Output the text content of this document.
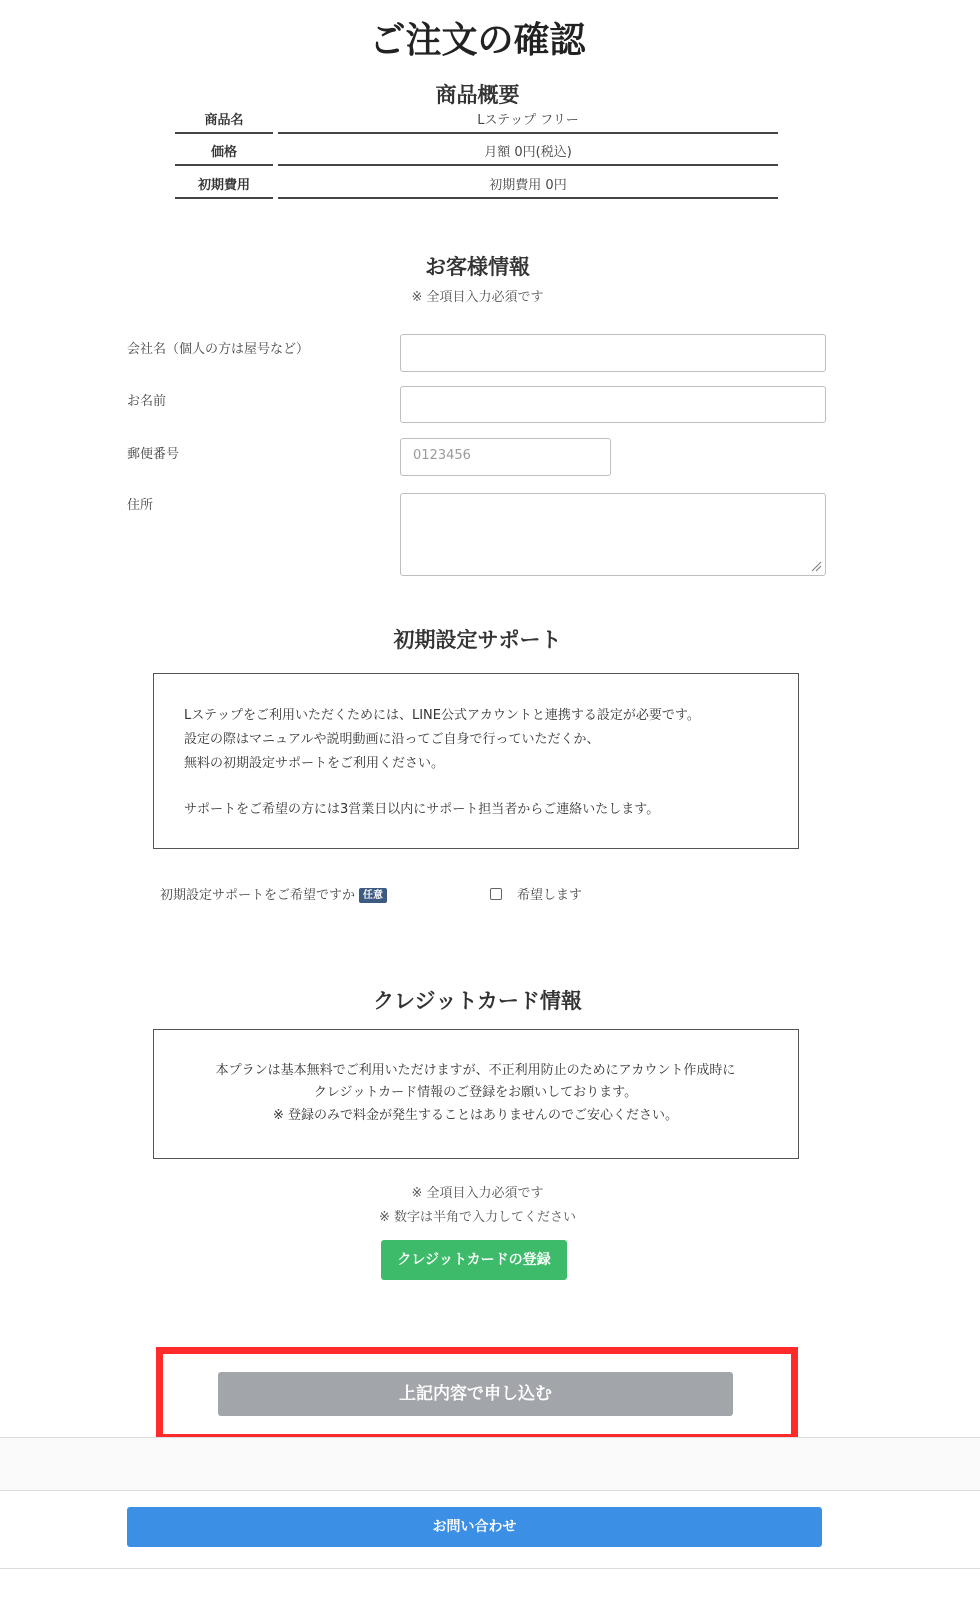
ご注文の確認
商品概要
商品名	Lステップ フリー
価格	月額 0円(税込)
初期費用	初期費用 0円
お客様情報
※ 全項目入力必須です
会社名（個人の方は屋号など）
お名前
郵便番号	0123456
住所
初期設定サポート
Lステップをご利用いただくためには、LINE公式アカウントと連携する設定が必要です。
設定の際はマニュアルや説明動画に沿ってご自身で行っていただくか、
無料の初期設定サポートをご利用ください。
サポートをご希望の方には3営業日以内にサポート担当者からご連絡いたします。
初期設定サポートをご希望ですか 任意	希望します
クレジットカード情報
本プランは基本無料でご利用いただけますが、不正利用防止のためにアカウント作成時に
クレジットカード情報のご登録をお願いしております。
※ 登録のみで料金が発生することはありませんのでご安心ください。
※ 全項目入力必須です
※ 数字は半角で入力してください
クレジットカードの登録
上記内容で申し込む
お問い合わせ
